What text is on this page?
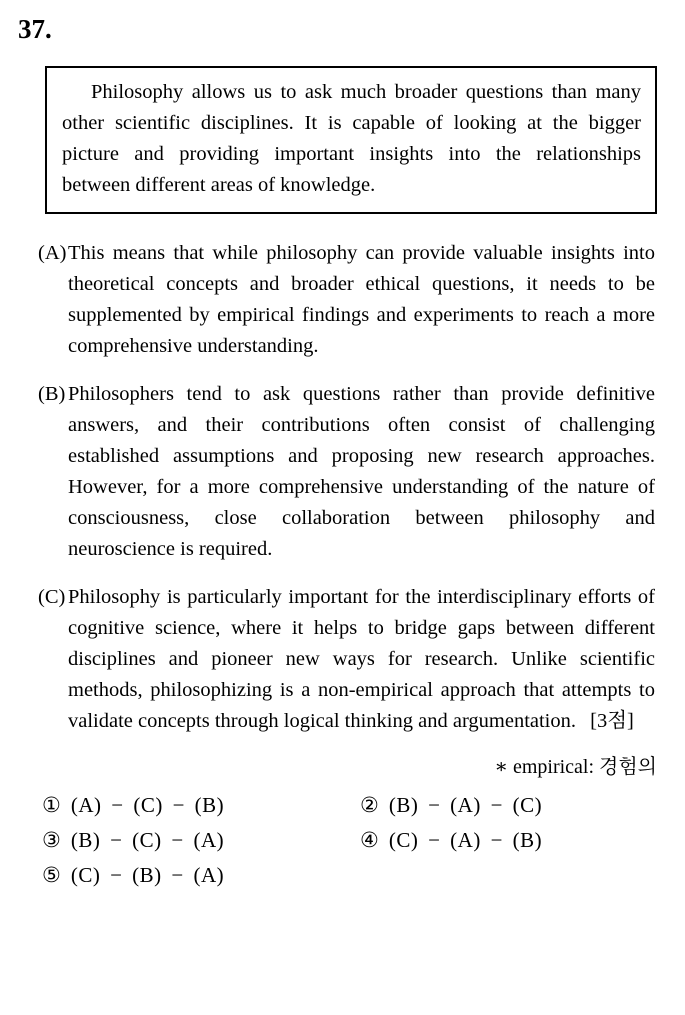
37.

Philosophy allows us to ask much broader questions than many other scientific disciplines. It is capable of looking at the bigger picture and providing important insights into the relationships between different areas of knowledge.

(A) This means that while philosophy can provide valuable insights into theoretical concepts and broader ethical questions, it needs to be supplemented by empirical findings and experiments to reach a more comprehensive understanding.

(B) Philosophers tend to ask questions rather than provide definitive answers, and their contributions often consist of challenging established assumptions and proposing new research approaches. However, for a more comprehensive understanding of the nature of consciousness, close collaboration between philosophy and neuroscience is required.

(C) Philosophy is particularly important for the interdisciplinary efforts of cognitive science, where it helps to bridge gaps between different disciplines and pioneer new ways for research. Unlike scientific methods, philosophizing is a non-empirical approach that attempts to validate concepts through logical thinking and argumentation. [3점]

∗ empirical: 경험의
① (A) − (C) − (B)	② (B) − (A) − (C)
③ (B) − (C) − (A)	④ (C) − (A) − (B)
⑤ (C) − (B) − (A)
